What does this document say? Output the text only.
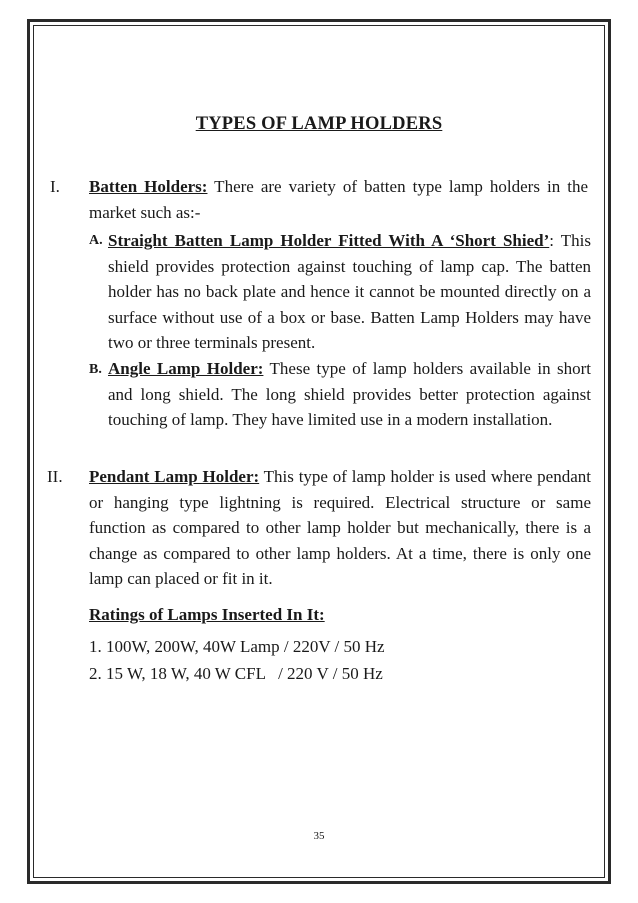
TYPES OF LAMP HOLDERS
I. Batten Holders: There are variety of batten type lamp holders in the market such as:-
A. Straight Batten Lamp Holder Fitted With A ‘Short Shied’: This shield provides protection against touching of lamp cap. The batten holder has no back plate and hence it cannot be mounted directly on a surface without use of a box or base. Batten Lamp Holders may have two or three terminals present.
B. Angle Lamp Holder: These type of lamp holders available in short and long shield. The long shield provides better protection against touching of lamp. They have limited use in a modern installation.
II. Pendant Lamp Holder: This type of lamp holder is used where pendant or hanging type lightning is required. Electrical structure or same function as compared to other lamp holder but mechanically, there is a change as compared to other lamp holders. At a time, there is only one lamp can placed or fit in it.
Ratings of Lamps Inserted In It:
1. 100W, 200W, 40W Lamp / 220V / 50 Hz
2. 15 W, 18 W, 40 W CFL   / 220 V / 50 Hz
35
